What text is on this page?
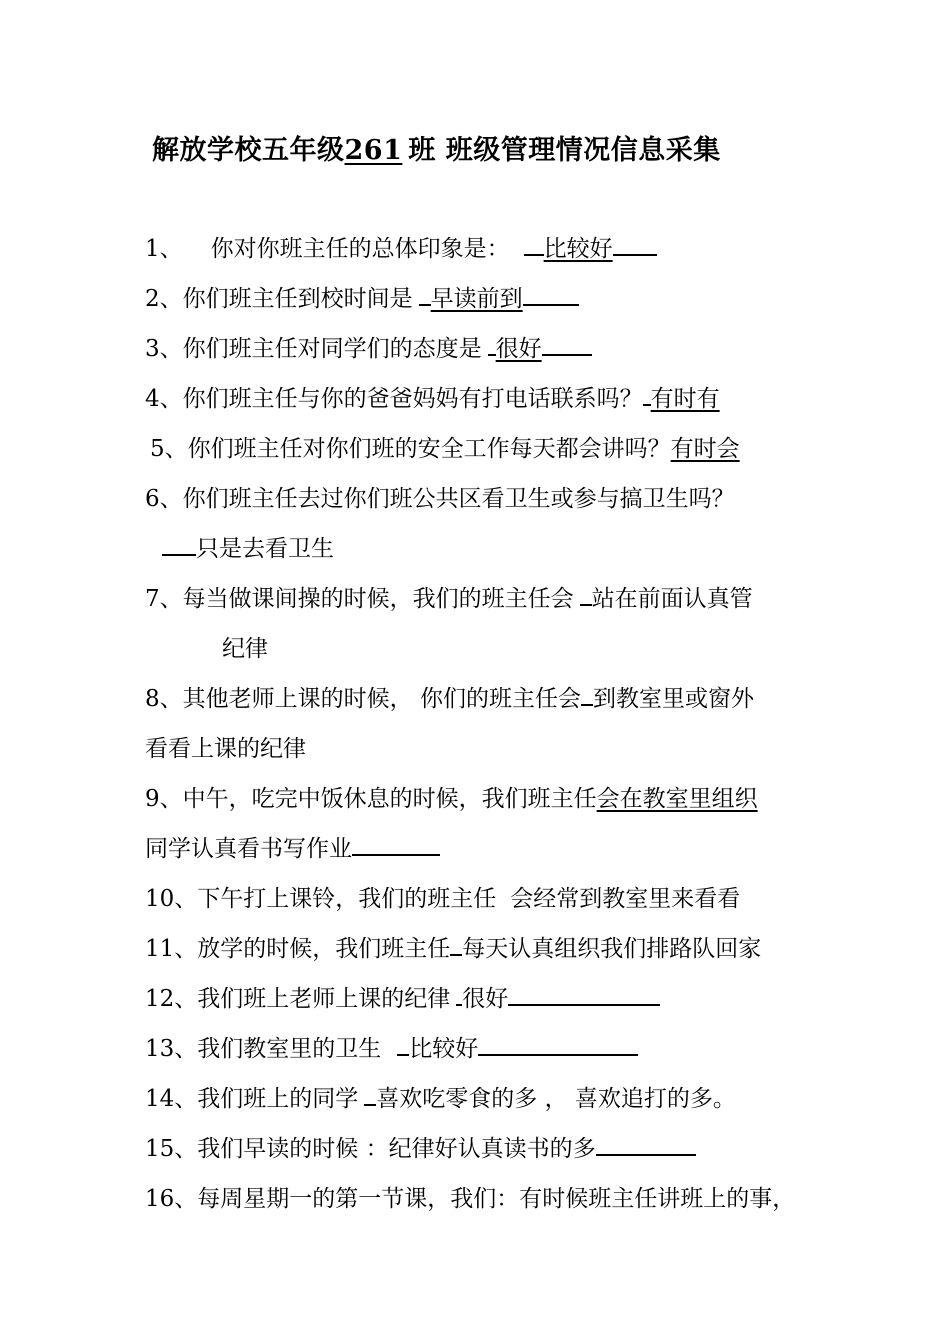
解放学校五年级261 班 班级管理情况信息采集
1、 你对你班主任的总体印象是： 比较好
2、你们班主任到校时间是 早读前到
3、你们班主任对同学们的态度是 很好
4、你们班主任与你的爸爸妈妈有打电话联系吗？ 有时有
5、你们班主任对你们班的安全工作每天都会讲吗？有时会
6、你们班主任去过你们班公共区看卫生或参与搞卫生吗？
只是去看卫生
7、每当做课间操的时候，我们的班主任会 站在前面认真管
纪律
8、其他老师上课的时候， 你们的班主任会 到教室里或窗外
看看上课的纪律
9、中午，吃完中饭休息的时候，我们班主任会在教室里组织
同学认真看书写作业
10、下午打上课铃，我们的班主任 会经常到教室里来看看
11、放学的时候，我们班主任 每天认真组织我们排路队回家
12、我们班上老师上课的纪律 很好
13、我们教室里的卫生 比较好
14、我们班上的同学 喜欢吃零食的多 ， 喜欢追打的多。
15、我们早读的时候 ：纪律好认真读书的多
16、每周星期一的第一节课，我们：有时候班主任讲班上的事，
